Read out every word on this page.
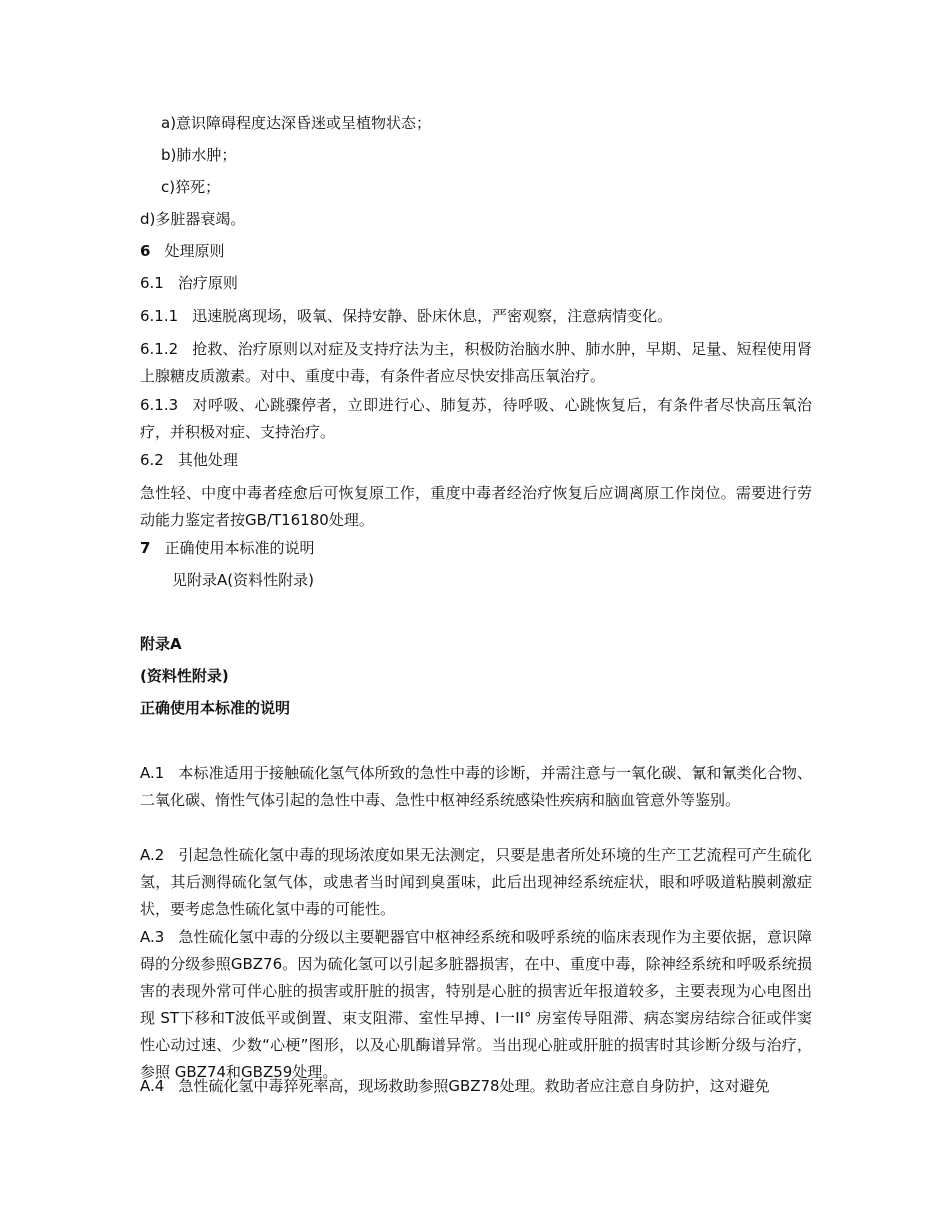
a)意识障碍程度达深昏迷或呈植物状态；
b)肺水肿；
c)猝死；
d)多脏器衰竭。
6 处理原则
6.1 治疗原则
6.1.1 迅速脱离现场，吸氧、保持安静、卧床休息，严密观察，注意病情变化。
6.1.2 抢救、治疗原则以对症及支持疗法为主，积极防治脑水肿、肺水肿，早期、足量、短程使用肾上腺糖皮质激素。对中、重度中毒，有条件者应尽快安排高压氧治疗。
6.1.3 对呼吸、心跳骤停者，立即进行心、肺复苏，待呼吸、心跳恢复后，有条件者尽快高压氧治疗，并积极对症、支持治疗。
6.2 其他处理
急性轻、中度中毒者痊愈后可恢复原工作，重度中毒者经治疗恢复后应调离原工作岗位。需要进行劳动能力鉴定者按GB/T16180处理。
7 正确使用本标准的说明
见附录A(资料性附录)
附录A
(资料性附录)
正确使用本标准的说明
A.1 本标准适用于接触硫化氢气体所致的急性中毒的诊断，并需注意与一氧化碳、氰和氰类化合物、二氧化碳、惰性气体引起的急性中毒、急性中枢神经系统感染性疾病和脑血管意外等鉴别。
A.2 引起急性硫化氢中毒的现场浓度如果无法测定，只要是患者所处环境的生产工艺流程可产生硫化氢，其后测得硫化氢气体，或患者当时闻到臭蛋味，此后出现神经系统症状，眼和呼吸道粘膜刺激症状，要考虑急性硫化氢中毒的可能性。
A.3 急性硫化氢中毒的分级以主要靶器官中枢神经系统和吸呼系统的临床表现作为主要依据，意识障碍的分级参照GBZ76。因为硫化氢可以引起多脏器损害，在中、重度中毒，除神经系统和呼吸系统损害的表现外常可伴心脏的损害或肝脏的损害，特别是心脏的损害近年报道较多，主要表现为心电图出现 ST下移和T波低平或倒置、束支阻滞、室性早搏、I一II° 房室传导阻滞、病态窦房结综合征或伴窦性心动过速、少数“心梗”图形，以及心肌酶谱异常。当出现心脏或肝脏的损害时其诊断分级与治疗，参照 GBZ74和GBZ59处理。
A.4 急性硫化氢中毒猝死率高，现场救助参照GBZ78处理。救助者应注意自身防护，这对避免
